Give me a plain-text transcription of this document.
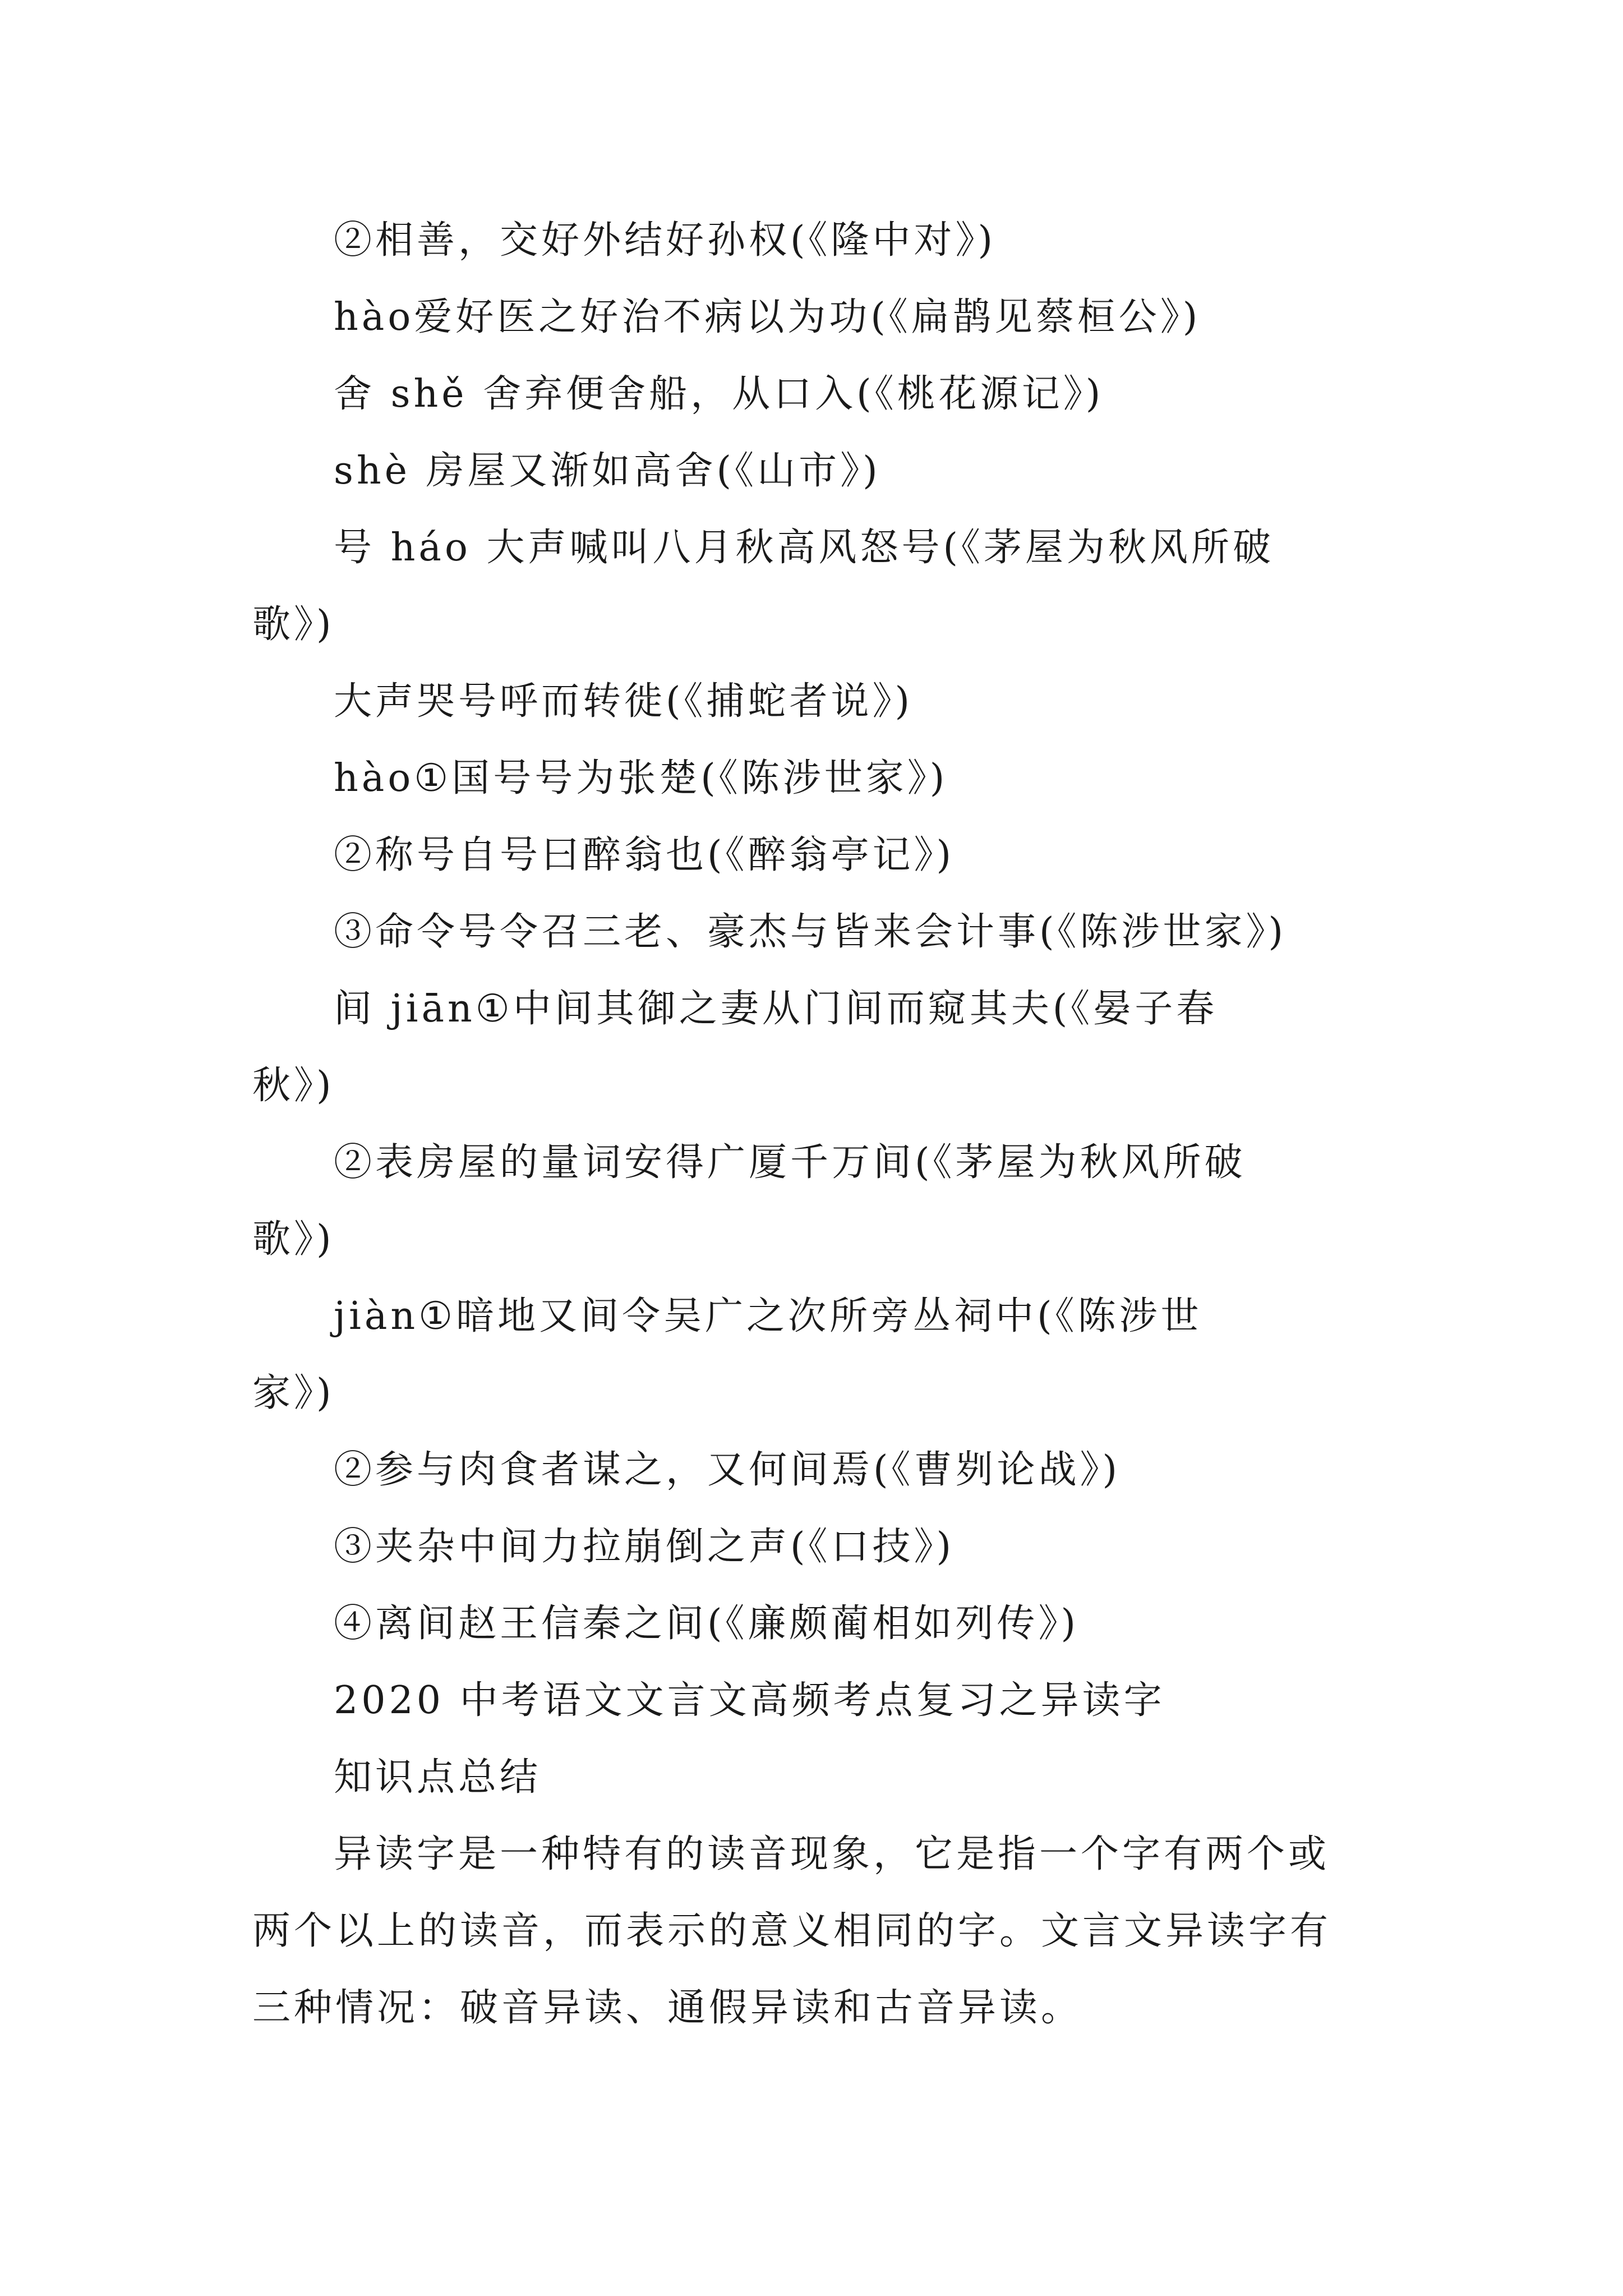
②相善，交好外结好孙权(《隆中对》)

hào爱好医之好治不病以为功(《扁鹊见蔡桓公》)

舍 shě 舍弃便舍船，从口入(《桃花源记》)

shè 房屋又渐如高舍(《山市》)

号 háo 大声喊叫八月秋高风怒号(《茅屋为秋风所破
歌》)

大声哭号呼而转徙(《捕蛇者说》)

hào①国号号为张楚(《陈涉世家》)

②称号自号曰醉翁也(《醉翁亭记》)

③命令号令召三老、豪杰与皆来会计事(《陈涉世家》)

间 jiān①中间其御之妻从门间而窥其夫(《晏子春
秋》)

②表房屋的量词安得广厦千万间(《茅屋为秋风所破
歌》)

jiàn①暗地又间令吴广之次所旁丛祠中(《陈涉世
家》)

②参与肉食者谋之，又何间焉(《曹刿论战》)

③夹杂中间力拉崩倒之声(《口技》)

④离间赵王信秦之间(《廉颇蔺相如列传》)

2020 中考语文文言文高频考点复习之异读字

知识点总结

异读字是一种特有的读音现象，它是指一个字有两个或
两个以上的读音，而表示的意义相同的字。文言文异读字有
三种情况：破音异读、通假异读和古音异读。
